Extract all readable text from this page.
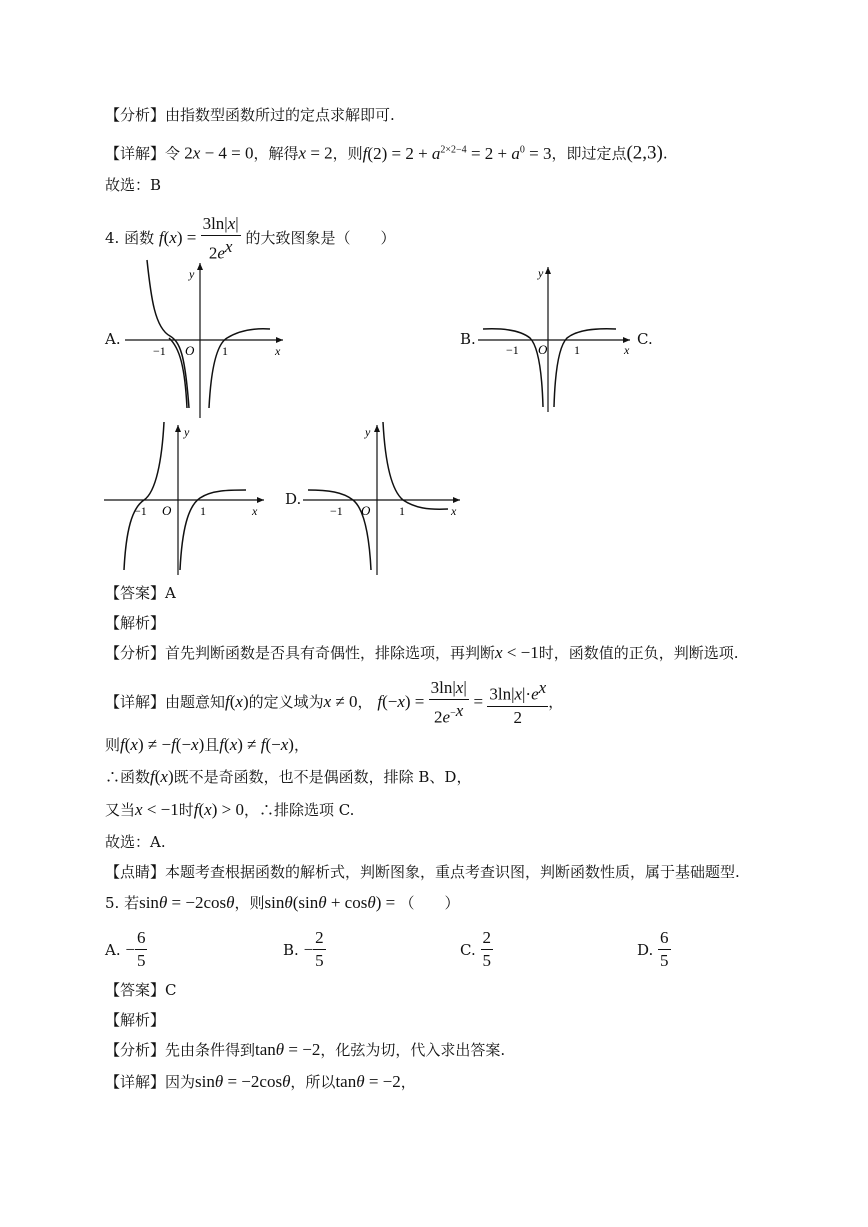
【分析】由指数型函数所过的定点求解即可.
【详解】令 2x − 4 = 0，解得x = 2，则$f(2) = 2 + a^{2\times 2-4} = 2 + a^0 = 3$，即过定点(2,3).
故选：B
4. 函数 $f(x) = \frac{3\ln|x|}{2e^x}$ 的大致图象是（　　）
A.
y
x
O
−1	1
B.
y
x
O
−1	1
C.
y
x
O
−1	1
D.
y
x
O
−1	1
【答案】A
【解析】
【分析】首先判断函数是否具有奇偶性，排除选项，再判断x < −1时，函数值的正负，判断选项.
【详解】由题意知f(x)的定义域为x ≠ 0， $f(-x) = \frac{3\ln|x|}{2e^{-x}} = \frac{3\ln|x|\cdot e^x}{2}$ ，
则f(x) ≠ −f(−x)且f(x) ≠ f(−x)，
∴函数f(x)既不是奇函数，也不是偶函数，排除 B、D，
又当x < −1时f(x) > 0，∴排除选项 C.
故选：A.
【点睛】本题考查根据函数的解析式，判断图象，重点考查识图，判断函数性质，属于基础题型.
5. 若sinθ = −2cosθ，则sinθ(sinθ + cosθ) = （　　）
A.
− $\frac{6}{5}$	B.
− $\frac{2}{5}$	C.
$\frac{2}{5}$	D.
$\frac{6}{5}$
【答案】C
【解析】
【分析】先由条件得到tanθ = −2，化弦为切，代入求出答案.
【详解】因为sinθ = −2cosθ，所以tanθ = −2，
